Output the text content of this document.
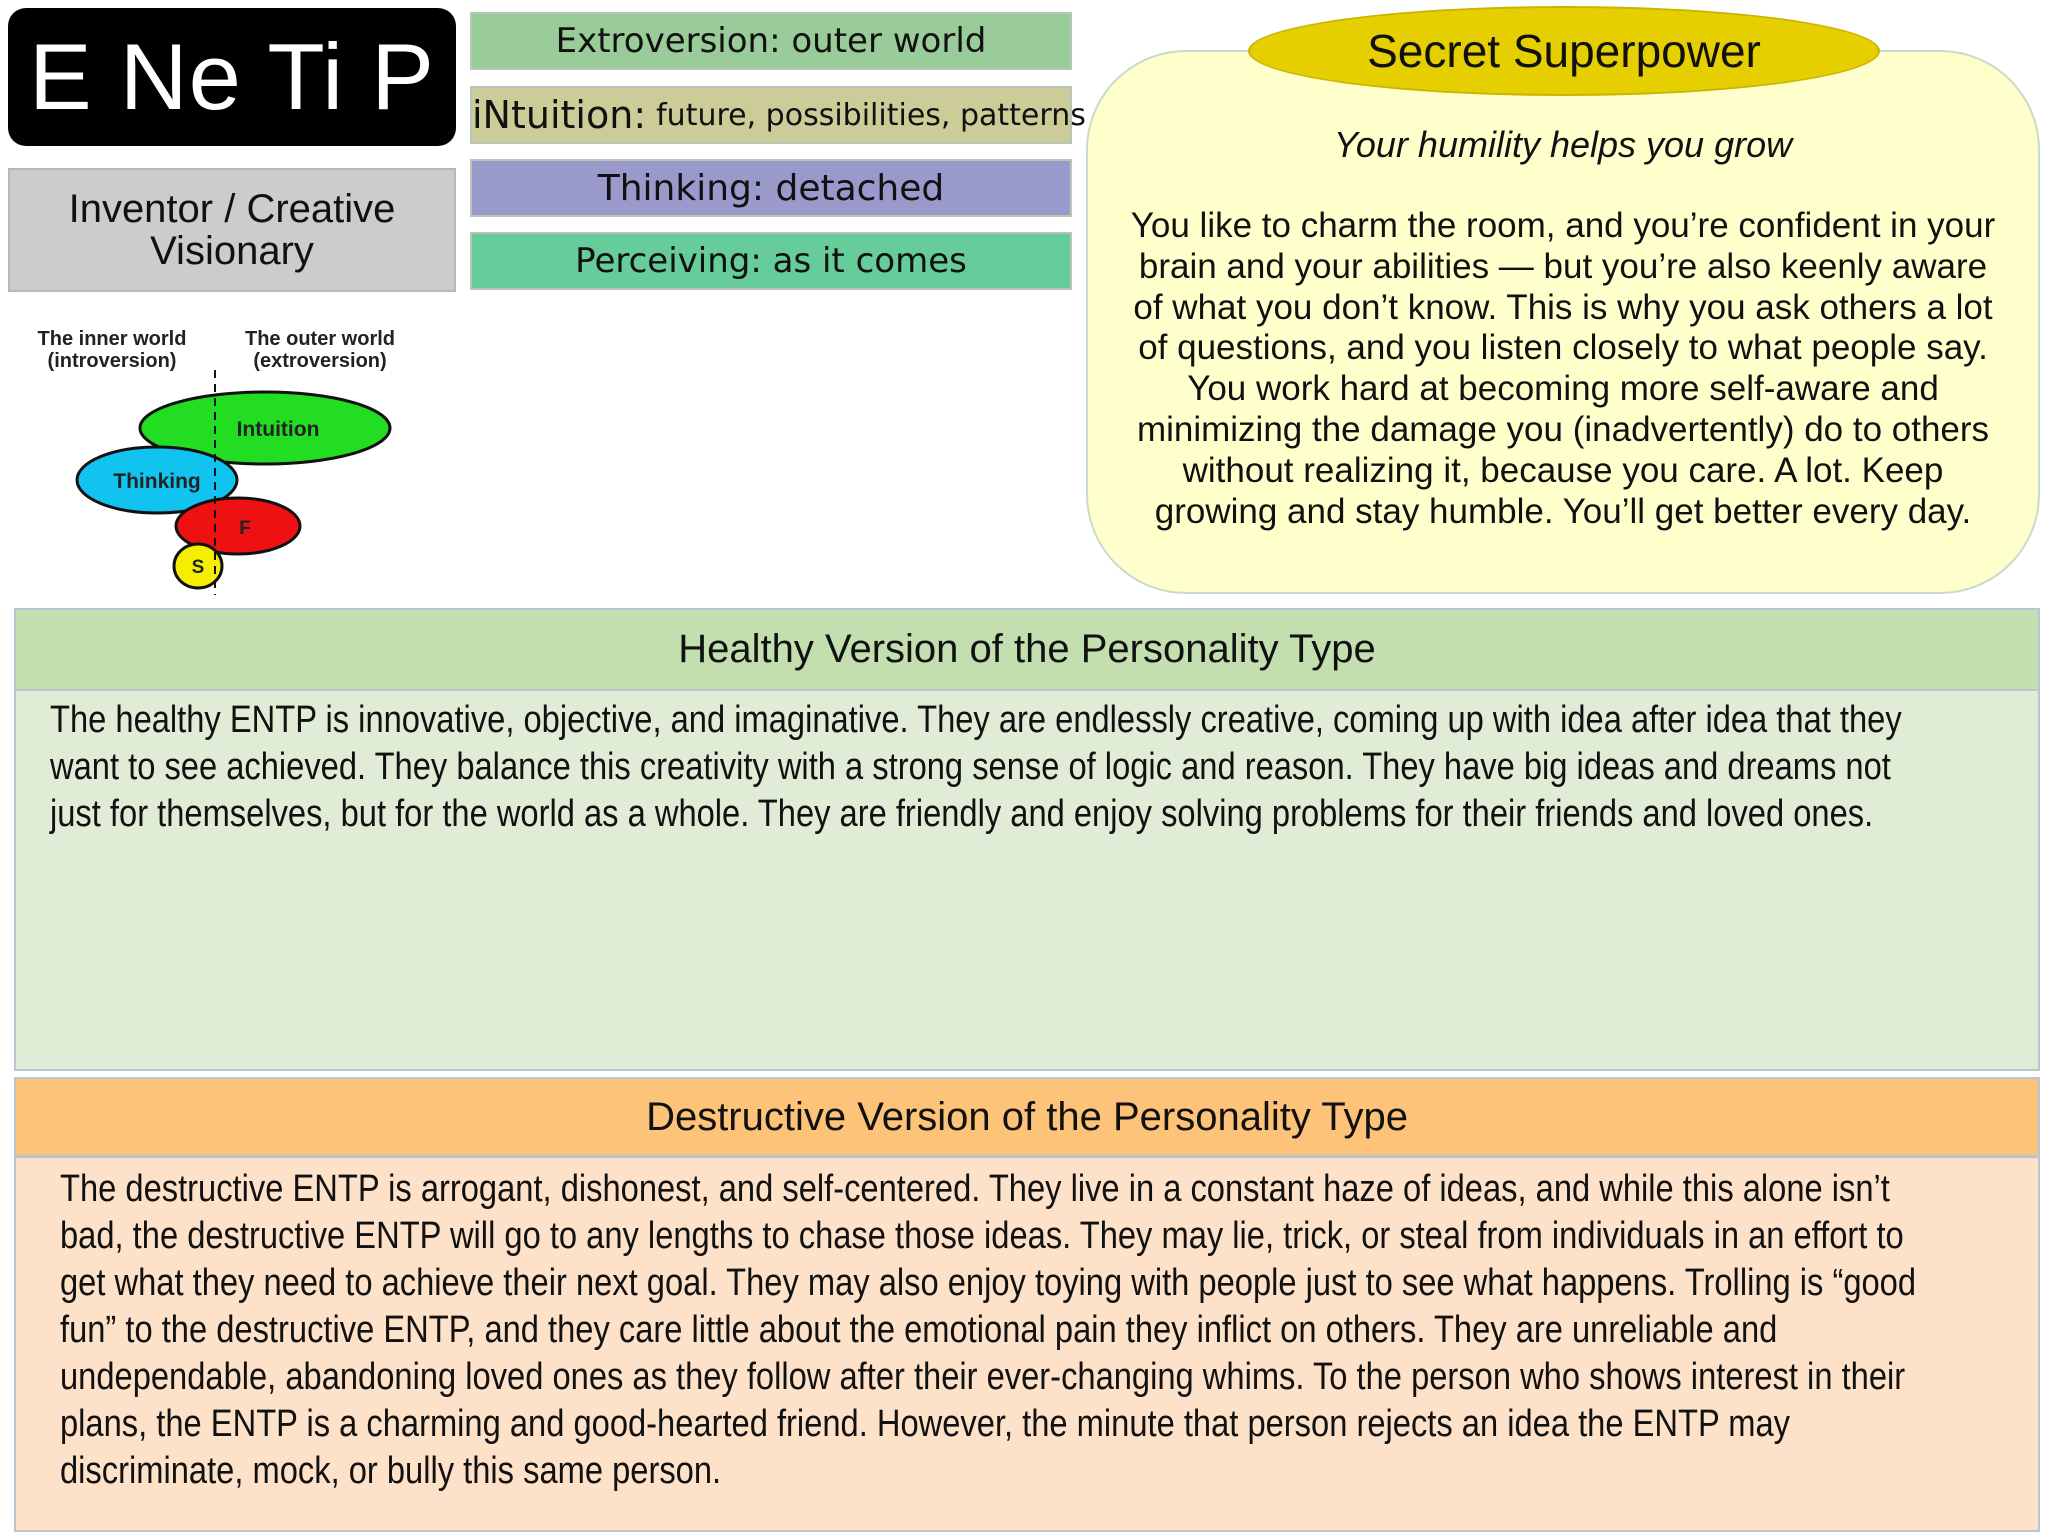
E Ne Ti P
Inventor / Creative Visionary
Extroversion: outer world
iNtuition: future, possibilities, patterns
Thinking: detached
Perceiving: as it comes
The inner world
(introversion)
The outer world
(extroversion)
Intuition
Thinking
F
S
Secret Superpower
Your humility helps you grow
You like to charm the room, and you’re confident in your
brain and your abilities — but you’re also keenly aware
of what you don’t know. This is why you ask others a lot
of questions, and you listen closely to what people say.
You work hard at becoming more self-aware and
minimizing the damage you (inadvertently) do to others
without realizing it, because you care. A lot. Keep
growing and stay humble. You’ll get better every day.
Healthy Version of the Personality Type
The healthy ENTP is innovative, objective, and imaginative. They are endlessly creative, coming up with idea after idea that they
want to see achieved. They balance this creativity with a strong sense of logic and reason. They have big ideas and dreams not
just for themselves, but for the world as a whole. They are friendly and enjoy solving problems for their friends and loved ones.
Destructive Version of the Personality Type
The destructive ENTP is arrogant, dishonest, and self-centered. They live in a constant haze of ideas, and while this alone isn’t
bad, the destructive ENTP will go to any lengths to chase those ideas. They may lie, trick, or steal from individuals in an effort to
get what they need to achieve their next goal. They may also enjoy toying with people just to see what happens. Trolling is “good
fun” to the destructive ENTP, and they care little about the emotional pain they inflict on others. They are unreliable and
undependable, abandoning loved ones as they follow after their ever-changing whims. To the person who shows interest in their
plans, the ENTP is a charming and good-hearted friend. However, the minute that person rejects an idea the ENTP may
discriminate, mock, or bully this same person.
